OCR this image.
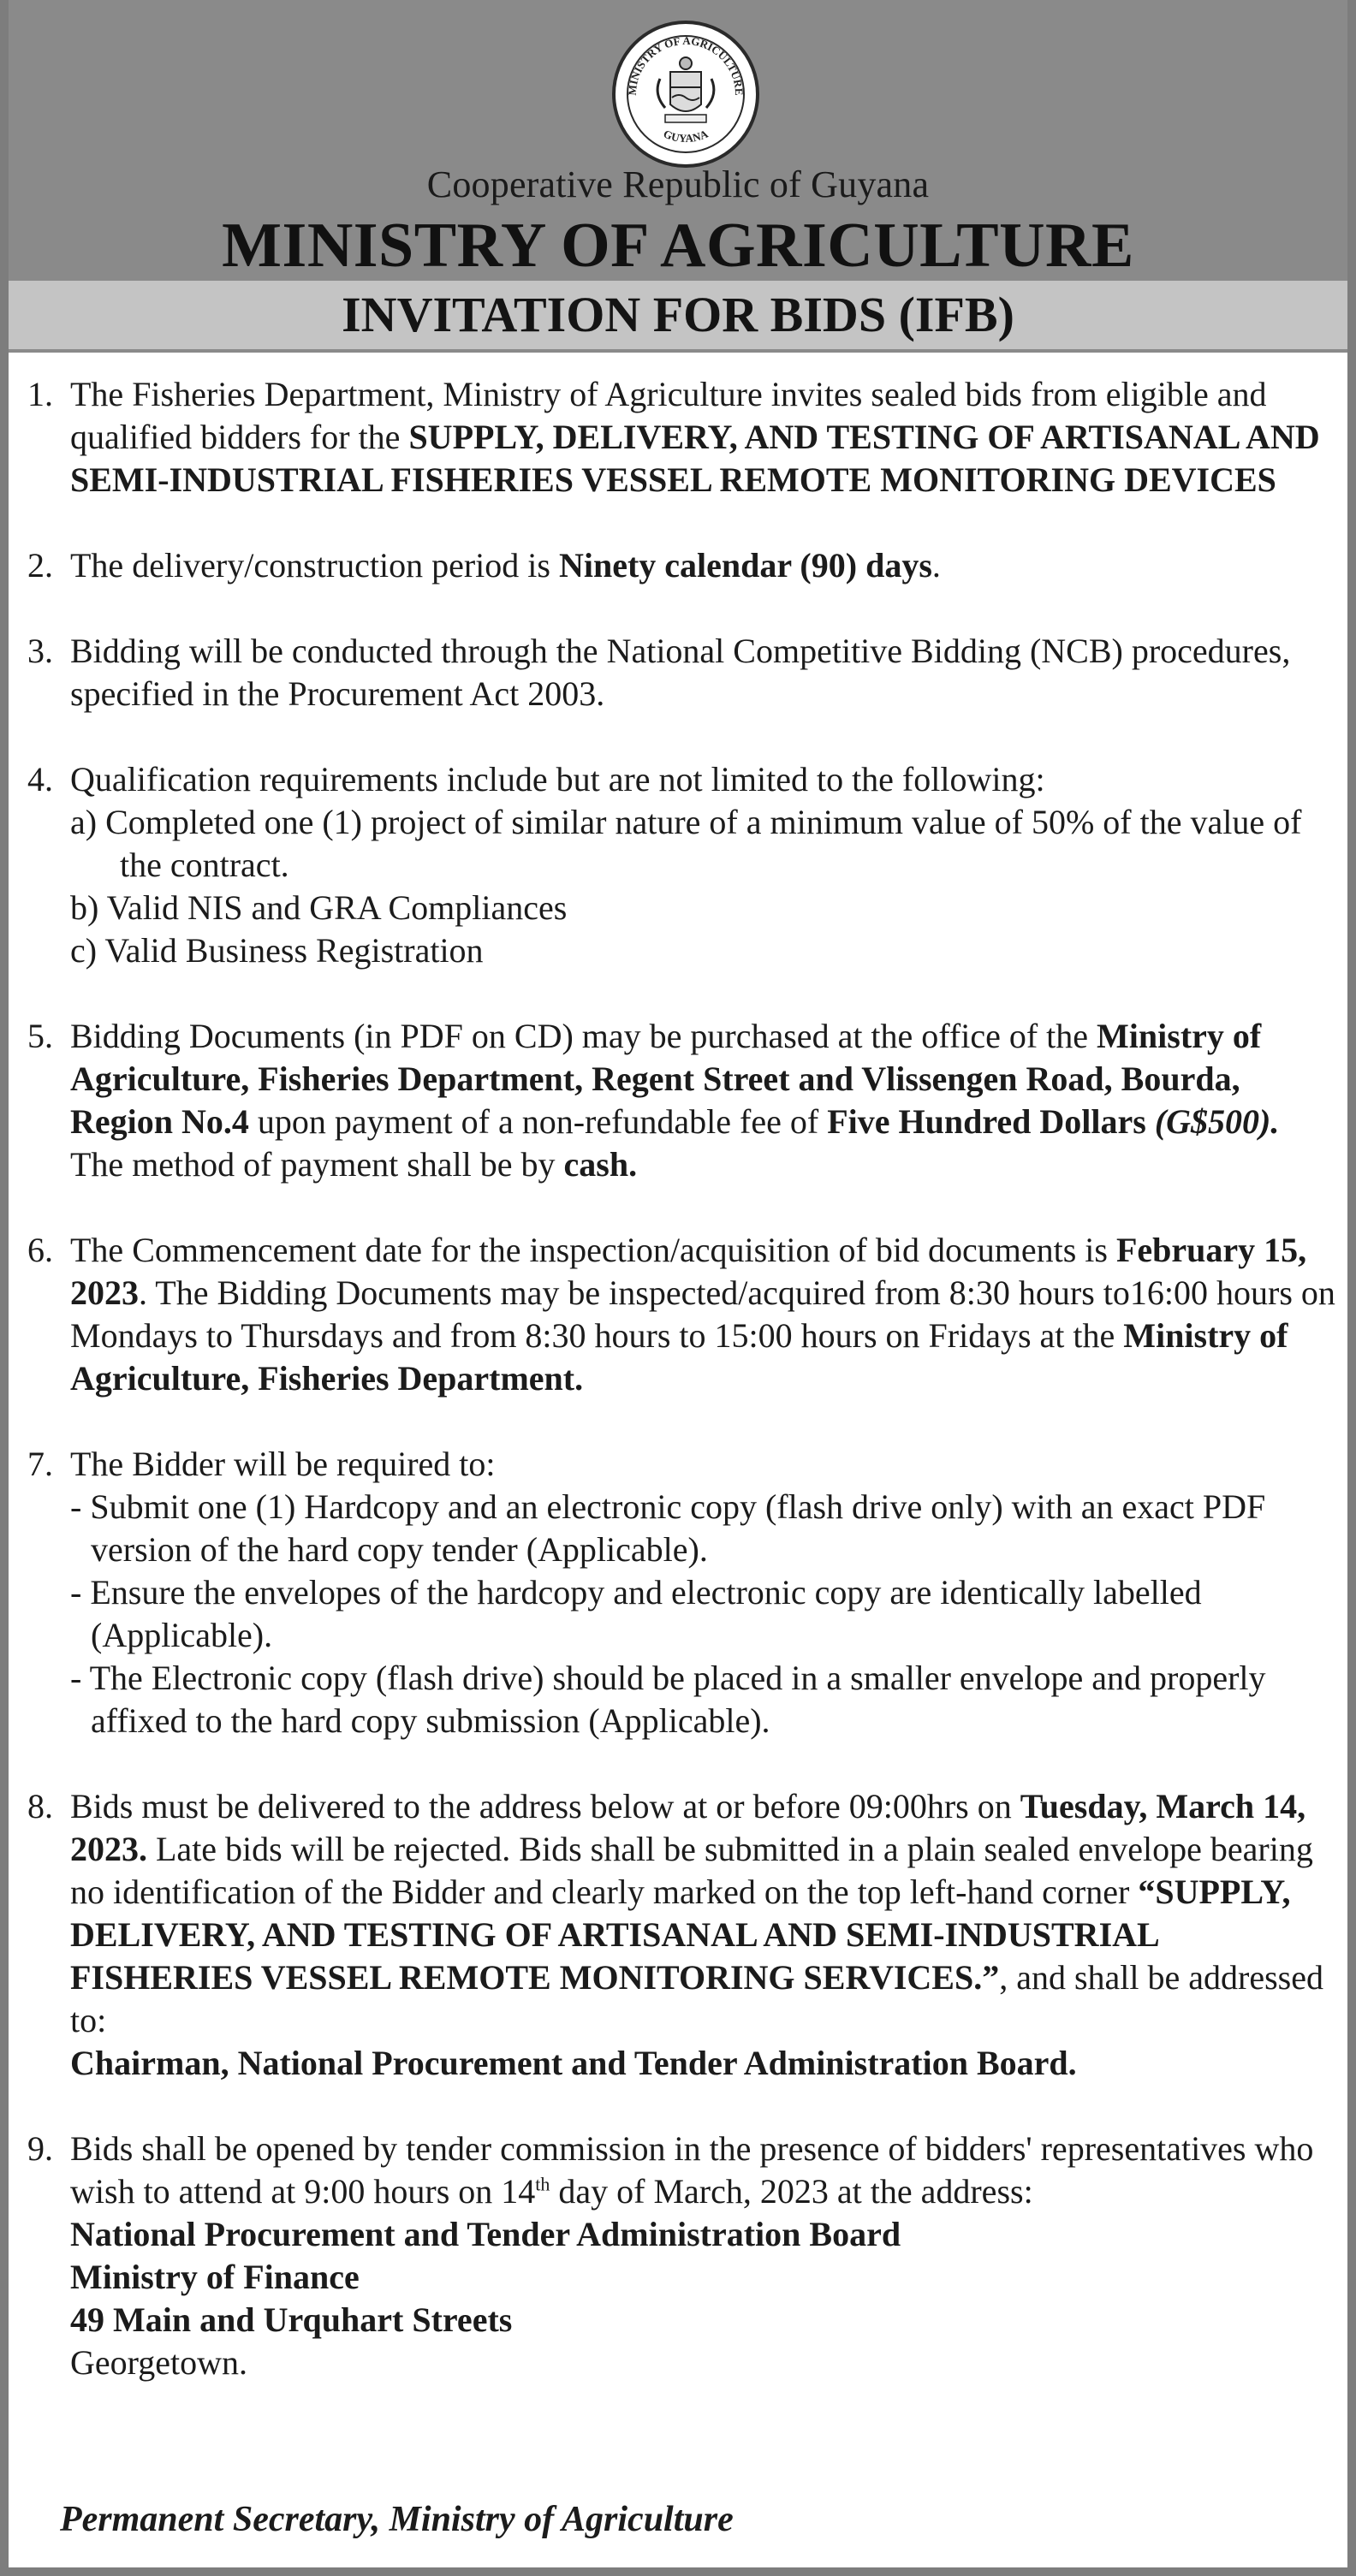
MINISTRY OF AGRICULTURE
GUYANA
Cooperative Republic of Guyana
MINISTRY OF AGRICULTURE
INVITATION FOR BIDS (IFB)
1. The Fisheries Department, Ministry of Agriculture invites sealed bids from eligible and qualified bidders for the SUPPLY, DELIVERY, AND TESTING OF ARTISANAL AND SEMI-INDUSTRIAL FISHERIES VESSEL REMOTE MONITORING DEVICES
2. The delivery/construction period is Ninety calendar (90) days.
3. Bidding will be conducted through the National Competitive Bidding (NCB) procedures, specified in the Procurement Act 2003.
4. Qualification requirements include but are not limited to the following:
a) Completed one (1) project of similar nature of a minimum value of 50% of the value of the contract.
b) Valid NIS and GRA Compliances
c) Valid Business Registration
5. Bidding Documents (in PDF on CD) may be purchased at the office of the Ministry of Agriculture, Fisheries Department, Regent Street and Vlissengen Road, Bourda, Region No.4 upon payment of a non-refundable fee of Five Hundred Dollars (G$500). The method of payment shall be by cash.
6. The Commencement date for the inspection/acquisition of bid documents is February 15, 2023. The Bidding Documents may be inspected/acquired from 8:30 hours to16:00 hours on Mondays to Thursdays and from 8:30 hours to 15:00 hours on Fridays at the Ministry of Agriculture, Fisheries Department.
7. The Bidder will be required to:
- Submit one (1) Hardcopy and an electronic copy (flash drive only) with an exact PDF version of the hard copy tender (Applicable).
- Ensure the envelopes of the hardcopy and electronic copy are identically labelled (Applicable).
- The Electronic copy (flash drive) should be placed in a smaller envelope and properly affixed to the hard copy submission (Applicable).
8. Bids must be delivered to the address below at or before 09:00hrs on Tuesday, March 14, 2023. Late bids will be rejected. Bids shall be submitted in a plain sealed envelope bearing no identification of the Bidder and clearly marked on the top left-hand corner “SUPPLY, DELIVERY, AND TESTING OF ARTISANAL AND SEMI-INDUSTRIAL FISHERIES VESSEL REMOTE MONITORING SERVICES.”, and shall be addressed to:
Chairman, National Procurement and Tender Administration Board.
9. Bids shall be opened by tender commission in the presence of bidders' representatives who wish to attend at 9:00 hours on 14th day of March, 2023 at the address:
National Procurement and Tender Administration Board
Ministry of Finance
49 Main and Urquhart Streets
Georgetown.
Permanent Secretary, Ministry of Agriculture
